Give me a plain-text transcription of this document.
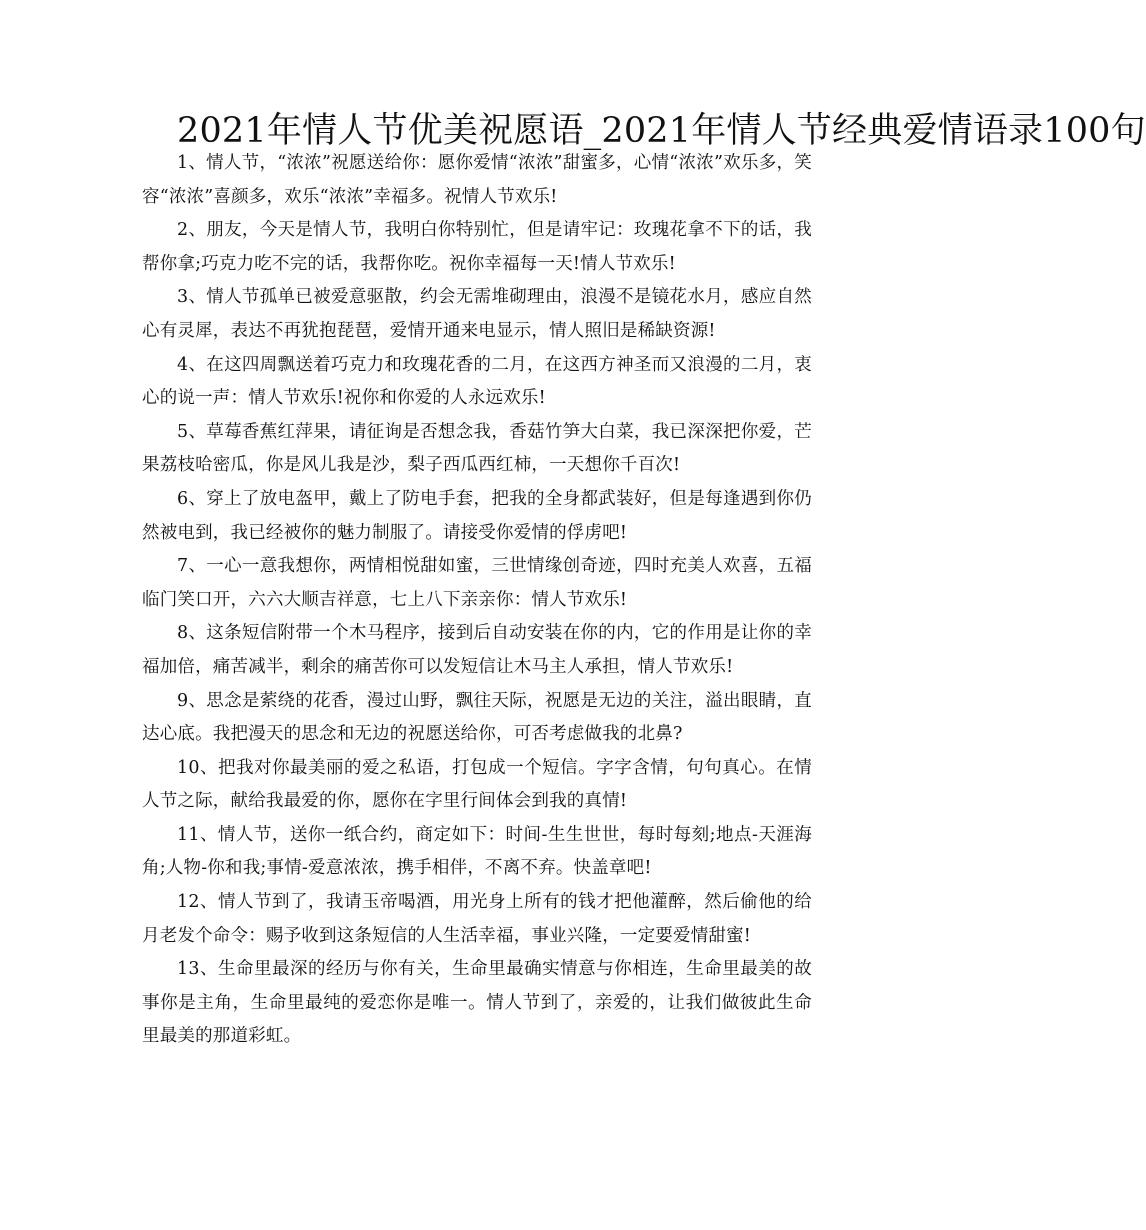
2021年情人节优美祝愿语_2021年情人节经典爱情语录100句

1、情人节，“浓浓”祝愿送给你：愿你爱情“浓浓”甜蜜多，心情“浓浓”欢乐多，笑容“浓浓”喜颜多，欢乐“浓浓”幸福多。祝情人节欢乐!

2、朋友，今天是情人节，我明白你特别忙，但是请牢记：玫瑰花拿不下的话，我帮你拿;巧克力吃不完的话，我帮你吃。祝你幸福每一天!情人节欢乐!

3、情人节孤单已被爱意驱散，约会无需堆砌理由，浪漫不是镜花水月，感应自然心有灵犀，表达不再犹抱琵琶，爱情开通来电显示，情人照旧是稀缺资源!

4、在这四周飘送着巧克力和玫瑰花香的二月，在这西方神圣而又浪漫的二月，衷心的说一声：情人节欢乐!祝你和你爱的人永远欢乐!

5、草莓香蕉红萍果，请征询是否想念我，香菇竹笋大白菜，我已深深把你爱，芒果荔枝哈密瓜，你是风儿我是沙，梨子西瓜西红柿，一天想你千百次!

6、穿上了放电盔甲，戴上了防电手套，把我的全身都武装好，但是每逢遇到你仍然被电到，我已经被你的魅力制服了。请接受你爱情的俘虏吧!

7、一心一意我想你，两情相悦甜如蜜，三世情缘创奇迹，四时充美人欢喜，五福临门笑口开，六六大顺吉祥意，七上八下亲亲你：情人节欢乐!

8、这条短信附带一个木马程序，接到后自动安装在你的内，它的作用是让你的幸福加倍，痛苦减半，剩余的痛苦你可以发短信让木马主人承担，情人节欢乐!

9、思念是萦绕的花香，漫过山野，飘往天际，祝愿是无边的关注，溢出眼睛，直达心底。我把漫天的思念和无边的祝愿送给你，可否考虑做我的北鼻?

10、把我对你最美丽的爱之私语，打包成一个短信。字字含情，句句真心。在情人节之际，献给我最爱的你，愿你在字里行间体会到我的真情!

11、情人节，送你一纸合约，商定如下：时间-生生世世，每时每刻;地点-天涯海角;人物-你和我;事情-爱意浓浓，携手相伴，不离不弃。快盖章吧!

12、情人节到了，我请玉帝喝酒，用光身上所有的钱才把他灌醉，然后偷他的给月老发个命令：赐予收到这条短信的人生活幸福，事业兴隆，一定要爱情甜蜜!

13、生命里最深的经历与你有关，生命里最确实情意与你相连，生命里最美的故事你是主角，生命里最纯的爱恋你是唯一。情人节到了，亲爱的，让我们做彼此生命里最美的那道彩虹。
